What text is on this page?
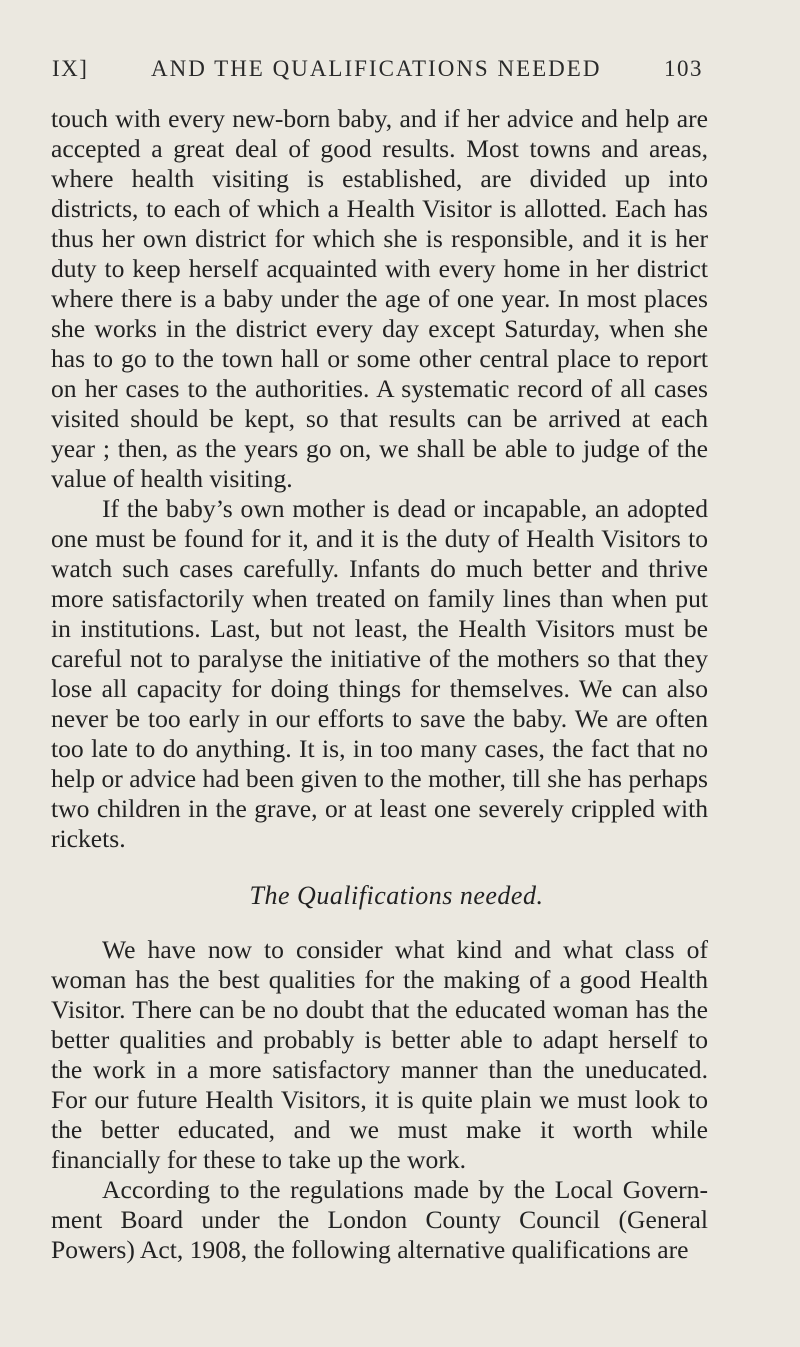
IX]	AND THE QUALIFICATIONS NEEDED	103

touch with every new-born baby, and if her advice and help are accepted a great deal of good results. Most towns and areas, where health visiting is established, are divided up into districts, to each of which a Health Visitor is allotted. Each has thus her own district for which she is responsible, and it is her duty to keep herself acquainted with every home in her district where there is a baby under the age of one year. In most places she works in the district every day except Saturday, when she has to go to the town hall or some other central place to report on her cases to the authorities. A systematic record of all cases visited should be kept, so that results can be arrived at each year ; then, as the years go on, we shall be able to judge of the value of health visiting.

If the baby’s own mother is dead or incapable, an adopted one must be found for it, and it is the duty of Health Visitors to watch such cases carefully. Infants do much better and thrive more satisfactorily when treated on family lines than when put in institutions. Last, but not least, the Health Visitors must be careful not to paralyse the initiative of the mothers so that they lose all capacity for doing things for themselves. We can also never be too early in our efforts to save the baby. We are often too late to do anything. It is, in too many cases, the fact that no help or advice had been given to the mother, till she has perhaps two children in the grave, or at least one severely crippled with rickets.

The Qualifications needed.

We have now to consider what kind and what class of woman has the best qualities for the making of a good Health Visitor. There can be no doubt that the educated woman has the better qualities and probably is better able to adapt herself to the work in a more satisfactory manner than the uneducated. For our future Health Visitors, it is quite plain we must look to the better educated, and we must make it worth while financially for these to take up the work.

According to the regulations made by the Local Govern- ment Board under the London County Council (General Powers) Act, 1908, the following alternative qualifications are
